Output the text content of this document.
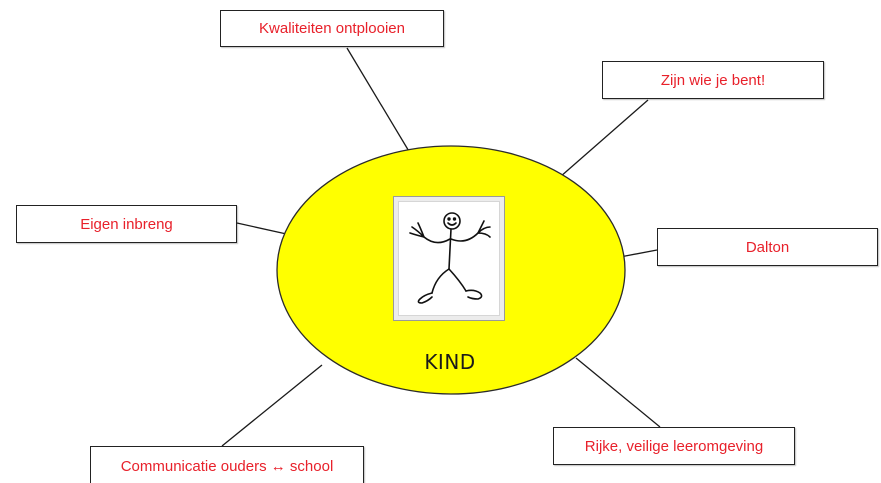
KIND
Kwaliteiten ontplooien
Zijn wie je bent!
Eigen inbreng
Dalton
Rijke, veilige leeromgeving
Communicatie ouders ↔ school
